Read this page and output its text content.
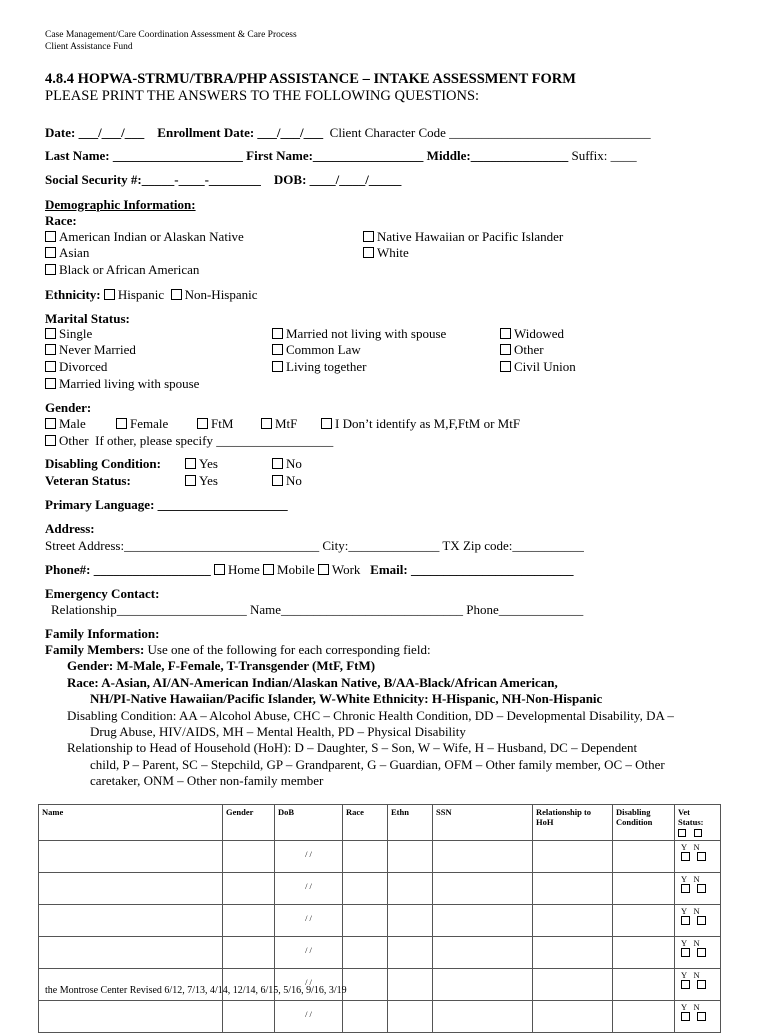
Case Management/Care Coordination Assessment & Care Process
Client Assistance Fund
4.8.4 HOPWA-STRMU/TBRA/PHP ASSISTANCE – INTAKE ASSESSMENT FORM
PLEASE PRINT THE ANSWERS TO THE FOLLOWING QUESTIONS:
Date: ___/___/___ Enrollment Date: ___/___/___ Client Character Code _______________________________
Last Name: ____________________ First Name:_________________ Middle:_______________ Suffix: ____
Social Security #:_____-____-________ DOB: ____/____/_____
Demographic Information:
Race:
American Indian or Alaskan Native
Asian
Black or African American
Native Hawaiian or Pacific Islander
White
Ethnicity: Hispanic Non-Hispanic
Marital Status:
Single
Never Married
Divorced
Married living with spouse
Married not living with spouse
Common Law
Living together
Widowed
Other
Civil Union
Gender:
Male	Female	FtM	MtF	I Don’t identify as M,F,FtM or MtF
Other If other, please specify __________________
Disabling Condition:	Yes	No
Veteran Status:	Yes	No
Primary Language: ____________________
Address:
Street Address:______________________________ City:______________ TX Zip code:___________
Phone#: __________________ Home Mobile Work Email: _________________________
Emergency Contact:
Relationship____________________ Name____________________________ Phone_____________
Family Information:
Family Members: Use one of the following for each corresponding field:
Gender: M-Male, F-Female, T-Transgender (MtF, FtM)
Race: A-Asian, AI/AN-American Indian/Alaskan Native, B/AA-Black/African American,
NH/PI-Native Hawaiian/Pacific Islander, W-White Ethnicity: H-Hispanic, NH-Non-Hispanic
Disabling Condition: AA – Alcohol Abuse, CHC – Chronic Health Condition, DD – Developmental Disability, DA –
Drug Abuse, HIV/AIDS, MH – Mental Health, PD – Physical Disability
Relationship to Head of Household (HoH): D – Daughter, S – Son, W – Wife, H – Husband, DC – Dependent
child, P – Parent, SC – Stepchild, GP – Grandparent, G – Guardian, OFM – Other family member, OC – Other
caretaker, ONM – Other non-family member
Name	Gender	DoB	Race	Ethn	SSN	Relationship to HoH	Disabling Condition	Vet Status:

		/ /						Y N

		/ /						Y N

		/ /						Y N

		/ /						Y N

		/ /						Y N

		/ /						Y N

the Montrose Center Revised 6/12, 7/13, 4/14, 12/14, 6/15, 5/16, 9/16, 3/19
